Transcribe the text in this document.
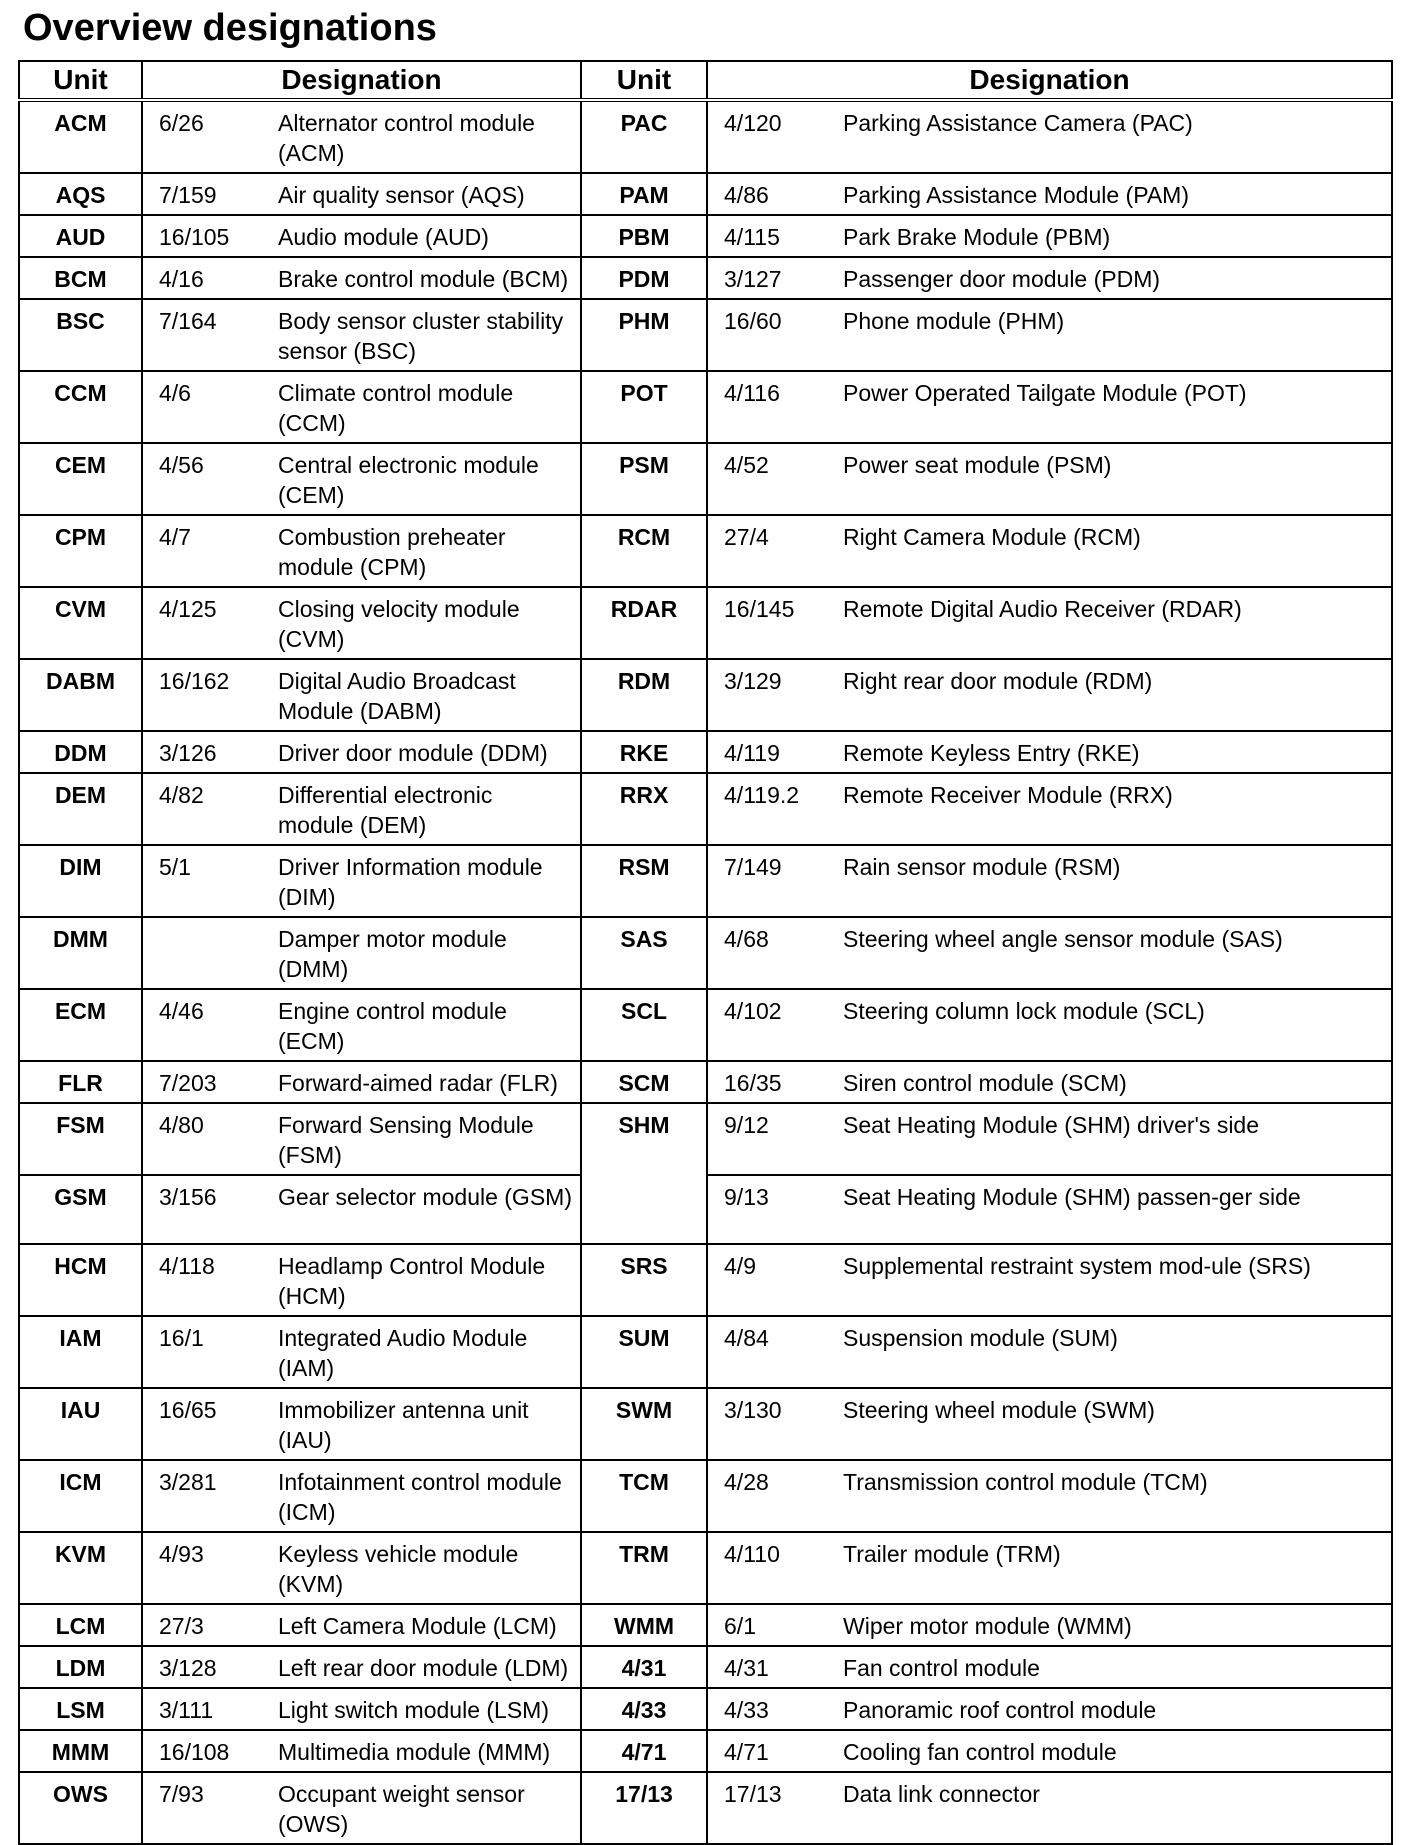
Overview designations
Unit	Designation		Unit	Designation	
ACM	6/26	Alternator control module (ACM)	PAC	4/120	Parking Assistance Camera (PAC)
AQS	7/159	Air quality sensor (AQS)	PAM	4/86	Parking Assistance Module (PAM)
AUD	16/105	Audio module (AUD)	PBM	4/115	Park Brake Module (PBM)
BCM	4/16	Brake control module (BCM)	PDM	3/127	Passenger door module (PDM)
BSC	7/164	Body sensor cluster stability sensor (BSC)	PHM	16/60	Phone module (PHM)
CCM	4/6	Climate control module (CCM)	POT	4/116	Power Operated Tailgate Module (POT)
CEM	4/56	Central electronic module (CEM)	PSM	4/52	Power seat module (PSM)
CPM	4/7	Combustion preheater module (CPM)	RCM	27/4	Right Camera Module (RCM)
CVM	4/125	Closing velocity module (CVM)	RDAR	16/145	Remote Digital Audio Receiver (RDAR)
DABM	16/162	Digital Audio Broadcast Module (DABM)	RDM	3/129	Right rear door module (RDM)
DDM	3/126	Driver door module (DDM)	RKE	4/119	Remote Keyless Entry (RKE)
DEM	4/82	Differential electronic module (DEM)	RRX	4/119.2	Remote Receiver Module (RRX)
DIM	5/1	Driver Information module (DIM)	RSM	7/149	Rain sensor module (RSM)
DMM		Damper motor module (DMM)	SAS	4/68	Steering wheel angle sensor module (SAS)
ECM	4/46	Engine control module (ECM)	SCL	4/102	Steering column lock module (SCL)
FLR	7/203	Forward-aimed radar (FLR)	SCM	16/35	Siren control module (SCM)
FSM	4/80	Forward Sensing Module (FSM)	SHM	9/12	Seat Heating Module (SHM) driver's side
GSM	3/156	Gear selector module (GSM)		9/13	Seat Heating Module (SHM) passen-ger side
HCM	4/118	Headlamp Control Module (HCM)	SRS	4/9	Supplemental restraint system mod-ule (SRS)
IAM	16/1	Integrated Audio Module (IAM)	SUM	4/84	Suspension module (SUM)
IAU	16/65	Immobilizer antenna unit (IAU)	SWM	3/130	Steering wheel module (SWM)
ICM	3/281	Infotainment control module (ICM)	TCM	4/28	Transmission control module (TCM)
KVM	4/93	Keyless vehicle module (KVM)	TRM	4/110	Trailer module (TRM)
LCM	27/3	Left Camera Module (LCM)	WMM	6/1	Wiper motor module (WMM)
LDM	3/128	Left rear door module (LDM)	4/31	4/31	Fan control module
LSM	3/111	Light switch module (LSM)	4/33	4/33	Panoramic roof control module
MMM	16/108	Multimedia module (MMM)	4/71	4/71	Cooling fan control module
OWS	7/93	Occupant weight sensor (OWS)	17/13	17/13	Data link connector
